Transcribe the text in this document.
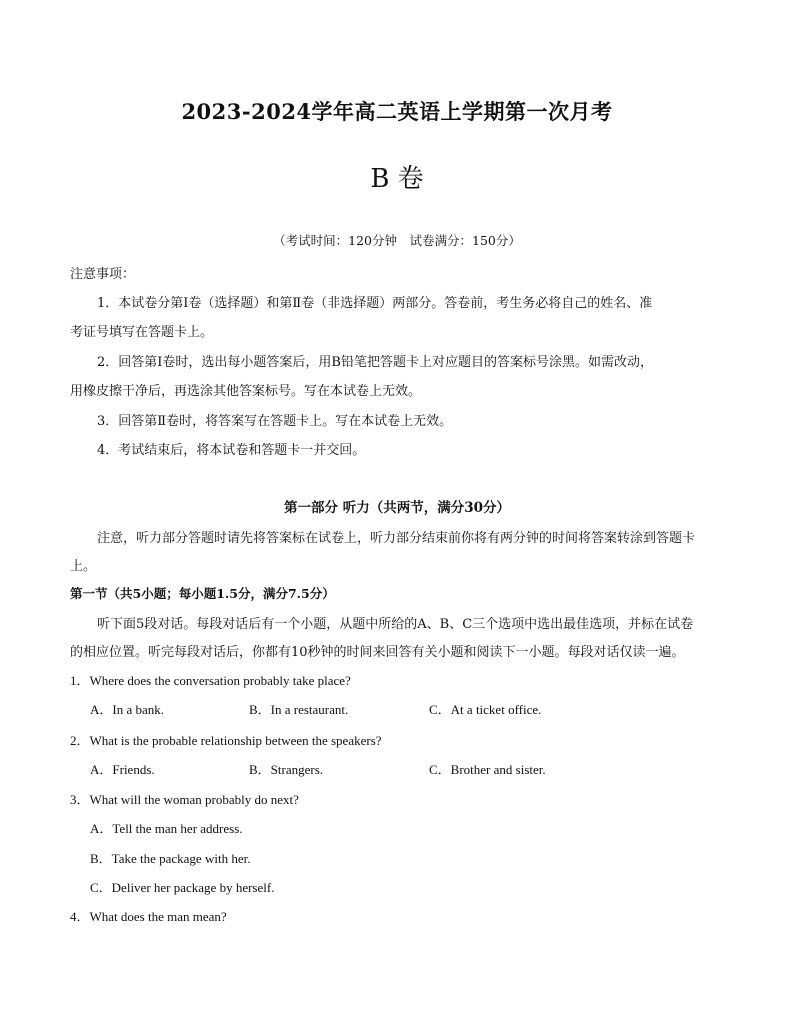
2023-2024学年高二英语上学期第一次月考
B 卷
（考试时间：120分钟　试卷满分：150分）
注意事项：
1．本试卷分第Ⅰ卷（选择题）和第Ⅱ卷（非选择题）两部分。答卷前，考生务必将自己的姓名、准
考证号填写在答题卡上。
2．回答第Ⅰ卷时，选出每小题答案后，用B铅笔把答题卡上对应题目的答案标号涂黑。如需改动，
用橡皮擦干净后，再选涂其他答案标号。写在本试卷上无效。
3．回答第Ⅱ卷时，将答案写在答题卡上。写在本试卷上无效。
4．考试结束后，将本试卷和答题卡一并交回。
第一部分 听力（共两节，满分30分）
注意，听力部分答题时请先将答案标在试卷上，听力部分结束前你将有两分钟的时间将答案转涂到答题卡
上。
第一节（共5小题；每小题1.5分，满分7.5分）
听下面5段对话。每段对话后有一个小题，从题中所给的A、B、C三个选项中选出最佳选项，并标在试卷
的相应位置。听完每段对话后，你都有10秒钟的时间来回答有关小题和阅读下一小题。每段对话仅读一遍。
1．Where does the conversation probably take place?
A．In a bank.	B．In a restaurant.	C．At a ticket office.
2．What is the probable relationship between the speakers?
A．Friends.	B．Strangers.	C．Brother and sister.
3．What will the woman probably do next?
A．Tell the man her address.
B．Take the package with her.
C．Deliver her package by herself.
4．What does the man mean?
